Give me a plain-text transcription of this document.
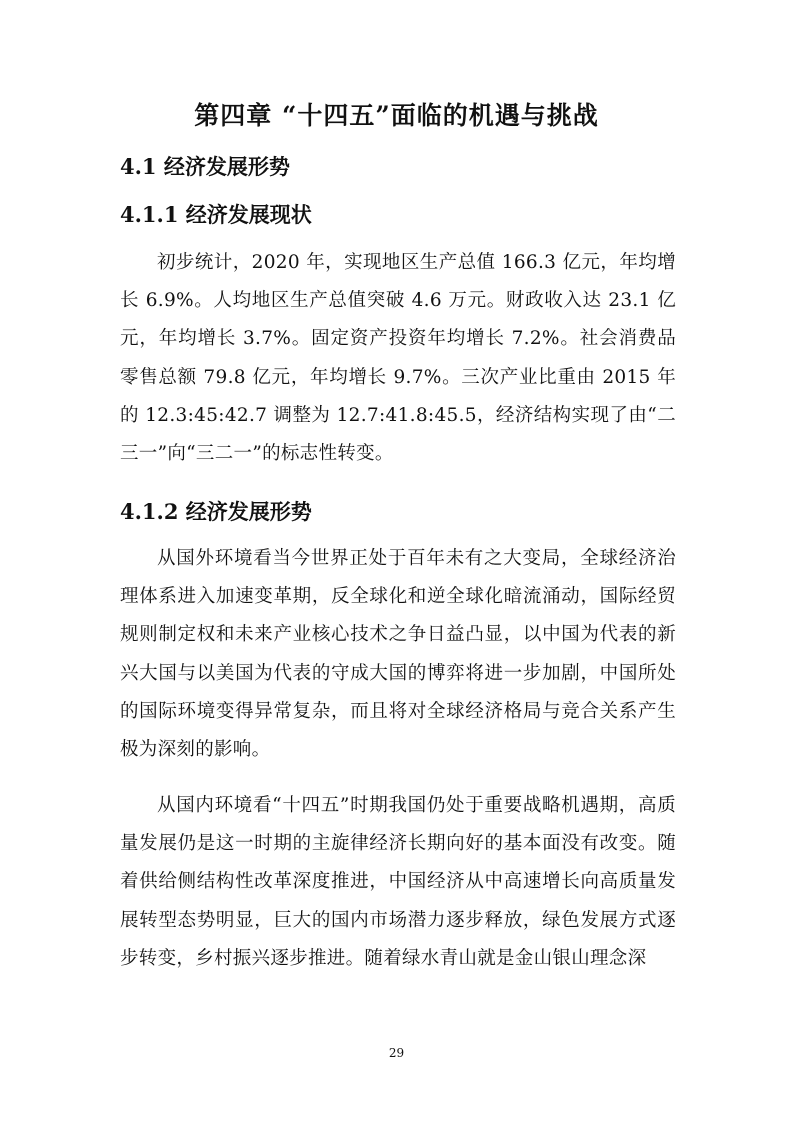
第四章 “十四五”面临的机遇与挑战
4.1 经济发展形势
4.1.1 经济发展现状

初步统计，2020 年，实现地区生产总值 166.3 亿元，年均增长 6.9%。人均地区生产总值突破 4.6 万元。财政收入达 23.1 亿元，年均增长 3.7%。固定资产投资年均增长 7.2%。社会消费品零售总额 79.8 亿元，年均增长 9.7%。三次产业比重由 2015 年的 12.3:45:42.7 调整为 12.7:41.8:45.5，经济结构实现了由“二三一”向“三二一”的标志性转变。

4.1.2 经济发展形势

从国外环境看当今世界正处于百年未有之大变局，全球经济治理体系进入加速变革期，反全球化和逆全球化暗流涌动，国际经贸规则制定权和未来产业核心技术之争日益凸显，以中国为代表的新兴大国与以美国为代表的守成大国的博弈将进一步加剧，中国所处的国际环境变得异常复杂，而且将对全球经济格局与竞合关系产生极为深刻的影响。

从国内环境看“十四五”时期我国仍处于重要战略机遇期，高质量发展仍是这一时期的主旋律经济长期向好的基本面没有改变。随着供给侧结构性改革深度推进，中国经济从中高速增长向高质量发展转型态势明显，巨大的国内市场潜力逐步释放，绿色发展方式逐步转变，乡村振兴逐步推进。随着绿水青山就是金山银山理念深

29
